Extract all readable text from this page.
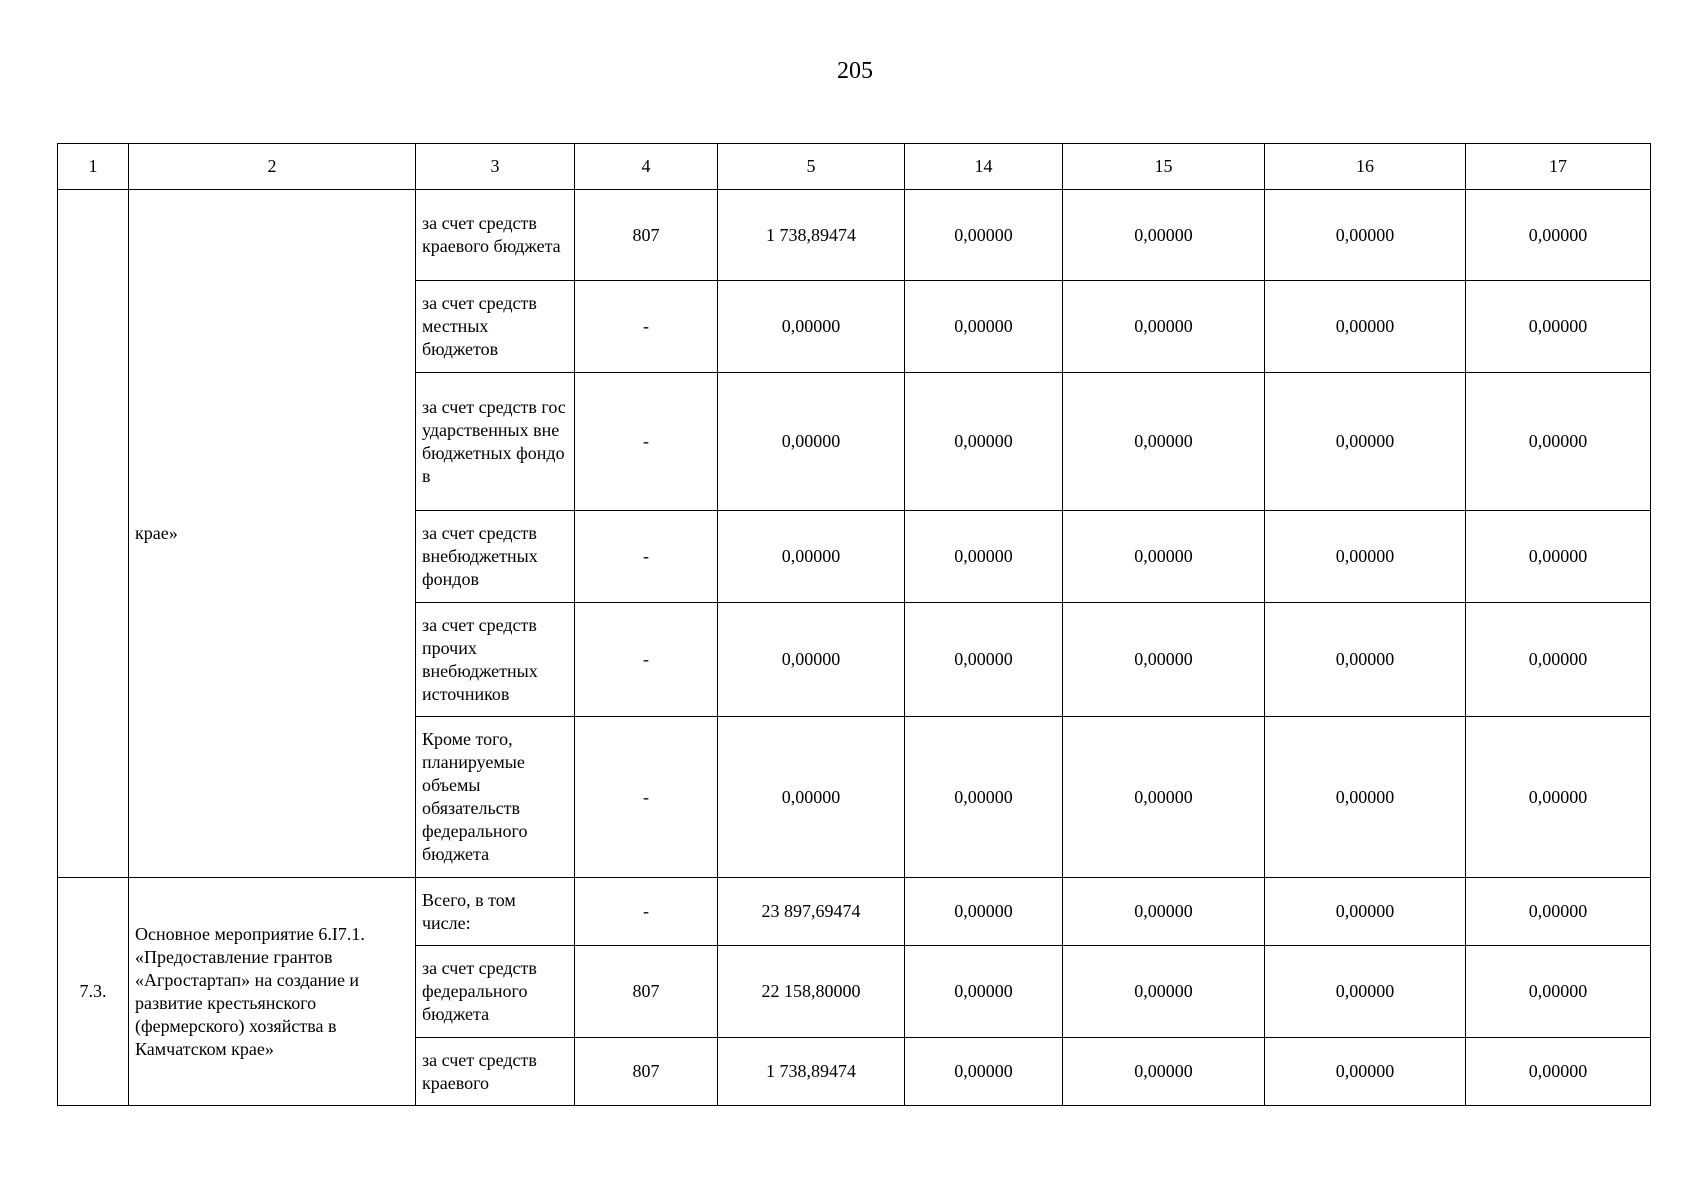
205
1	2	3	4	5	14	15	16	17
	крае»	за счет средств краевого бюджета	807	1 738,89474	0,00000	0,00000	0,00000	0,00000
		за счет средств местных бюджетов	-	0,00000	0,00000	0,00000	0,00000	0,00000
		за счет средств государственных внебюджетных фондов	-	0,00000	0,00000	0,00000	0,00000	0,00000
		за счет средств внебюджетных фондов	-	0,00000	0,00000	0,00000	0,00000	0,00000
		за счет средств прочих внебюджетных источников	-	0,00000	0,00000	0,00000	0,00000	0,00000
		Кроме того, планируемые объемы обязательств федерального бюджета	-	0,00000	0,00000	0,00000	0,00000	0,00000
7.3.	Основное мероприятие 6.I7.1. «Предоставление грантов «Агростартап» на создание и развитие крестьянского (фермерского) хозяйства в Камчатском крае»	Всего, в том числе:	-	23 897,69474	0,00000	0,00000	0,00000	0,00000
		за счет средств федерального бюджета	807	22 158,80000	0,00000	0,00000	0,00000	0,00000
		за счет средств краевого	807	1 738,89474	0,00000	0,00000	0,00000	0,00000
